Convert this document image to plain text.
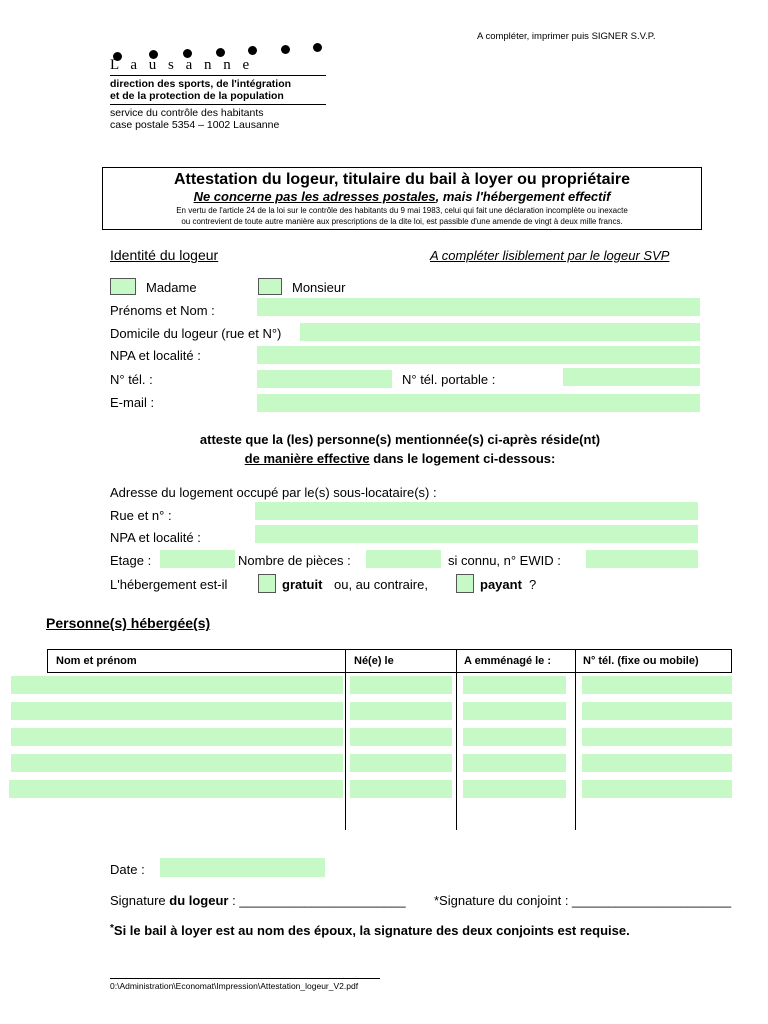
A compléter, imprimer puis SIGNER S.V.P.
L a u s a n n e
direction des sports, de l'intégration
et de la protection de la population
service du contrôle des habitants
case postale 5354 – 1002 Lausanne
Attestation du logeur, titulaire du bail à loyer ou propriétaire
Ne concerne pas les adresses postales, mais l'hébergement effectif
En vertu de l'article 24 de la loi sur le contrôle des habitants du 9 mai 1983, celui qui fait une déclaration incomplète ou inexacte
ou contrevient de toute autre manière aux prescriptions de la dite loi, est passible d'une amende de vingt à deux mille francs.
Identité du logeur	A compléter lisiblement par le logeur SVP
Madame	Monsieur
Prénoms et Nom :
Domicile du logeur (rue et N°)
NPA et localité :
N° tél. :	N° tél. portable :
E-mail :
atteste que la (les) personne(s) mentionnée(s) ci-après réside(nt)
de manière effective dans le logement ci-dessous:
Adresse du logement occupé par le(s) sous-locataire(s) :
Rue et n° :
NPA et localité :
Etage :	Nombre de pièces :	si connu, n° EWID :
L'hébergement est-il	gratuit ou, au contraire,	payant ?
Personne(s) hébergée(s)
Nom et prénom	Né(e) le	A emménagé le :	N° tél. (fixe ou mobile)
Date :
Signature du logeur : _______________________ *Signature du conjoint : ______________________
*Si le bail à loyer est au nom des époux, la signature des deux conjoints est requise.
0:\Administration\Economat\Impression\Attestation_logeur_V2.pdf
